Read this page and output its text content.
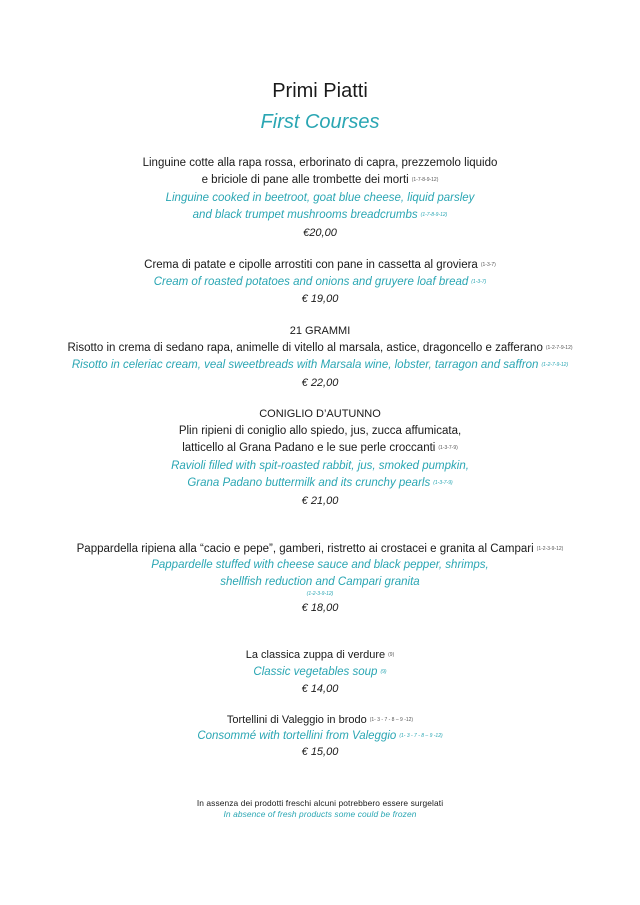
Primi Piatti
First Courses
Linguine cotte alla rapa rossa, erborinato di capra, prezzemolo liquido
e briciole di pane alle trombette dei morti (1-7-8-9-12)
Linguine cooked in beetroot, goat blue cheese, liquid parsley
and black trumpet mushrooms breadcrumbs (1-7-8-9-12)
€20,00
Crema di patate e cipolle arrostiti con pane in cassetta al groviera (1-3-7)
Cream of roasted potatoes and onions and gruyere loaf bread (1-3-7)
€ 19,00
21 GRAMMI
Risotto in crema di sedano rapa, animelle di vitello al marsala, astice, dragoncello e zafferano (1-2-7-9-12)
Risotto in celeriac cream, veal sweetbreads with Marsala wine, lobster, tarragon and saffron (1-2-7-9-12)
€ 22,00
CONIGLIO D’AUTUNNO
Plin ripieni di coniglio allo spiedo, jus, zucca affumicata,
latticello al Grana Padano e le sue perle croccanti (1-3-7-9)
Ravioli filled with spit-roasted rabbit, jus, smoked pumpkin,
Grana Padano buttermilk and its crunchy pearls (1-3-7-9)
€ 21,00
Pappardella ripiena alla “cacio e pepe”, gamberi, ristretto ai crostacei e granita al Campari (1-2-3-9-12)
Pappardelle stuffed with cheese sauce and black pepper, shrimps,
shellfish reduction and Campari granita
(1-2-3-9-12)
€ 18,00
La classica zuppa di verdure (9)
Classic vegetables soup (9)
€ 14,00
Tortellini di Valeggio in brodo (1- 3 - 7 - 8 – 9 -12)
Consommé with tortellini from Valeggio (1- 3 - 7 - 8 – 9 -12)
€ 15,00
In assenza dei prodotti freschi alcuni potrebbero essere surgelati
In absence of fresh products some could be frozen
